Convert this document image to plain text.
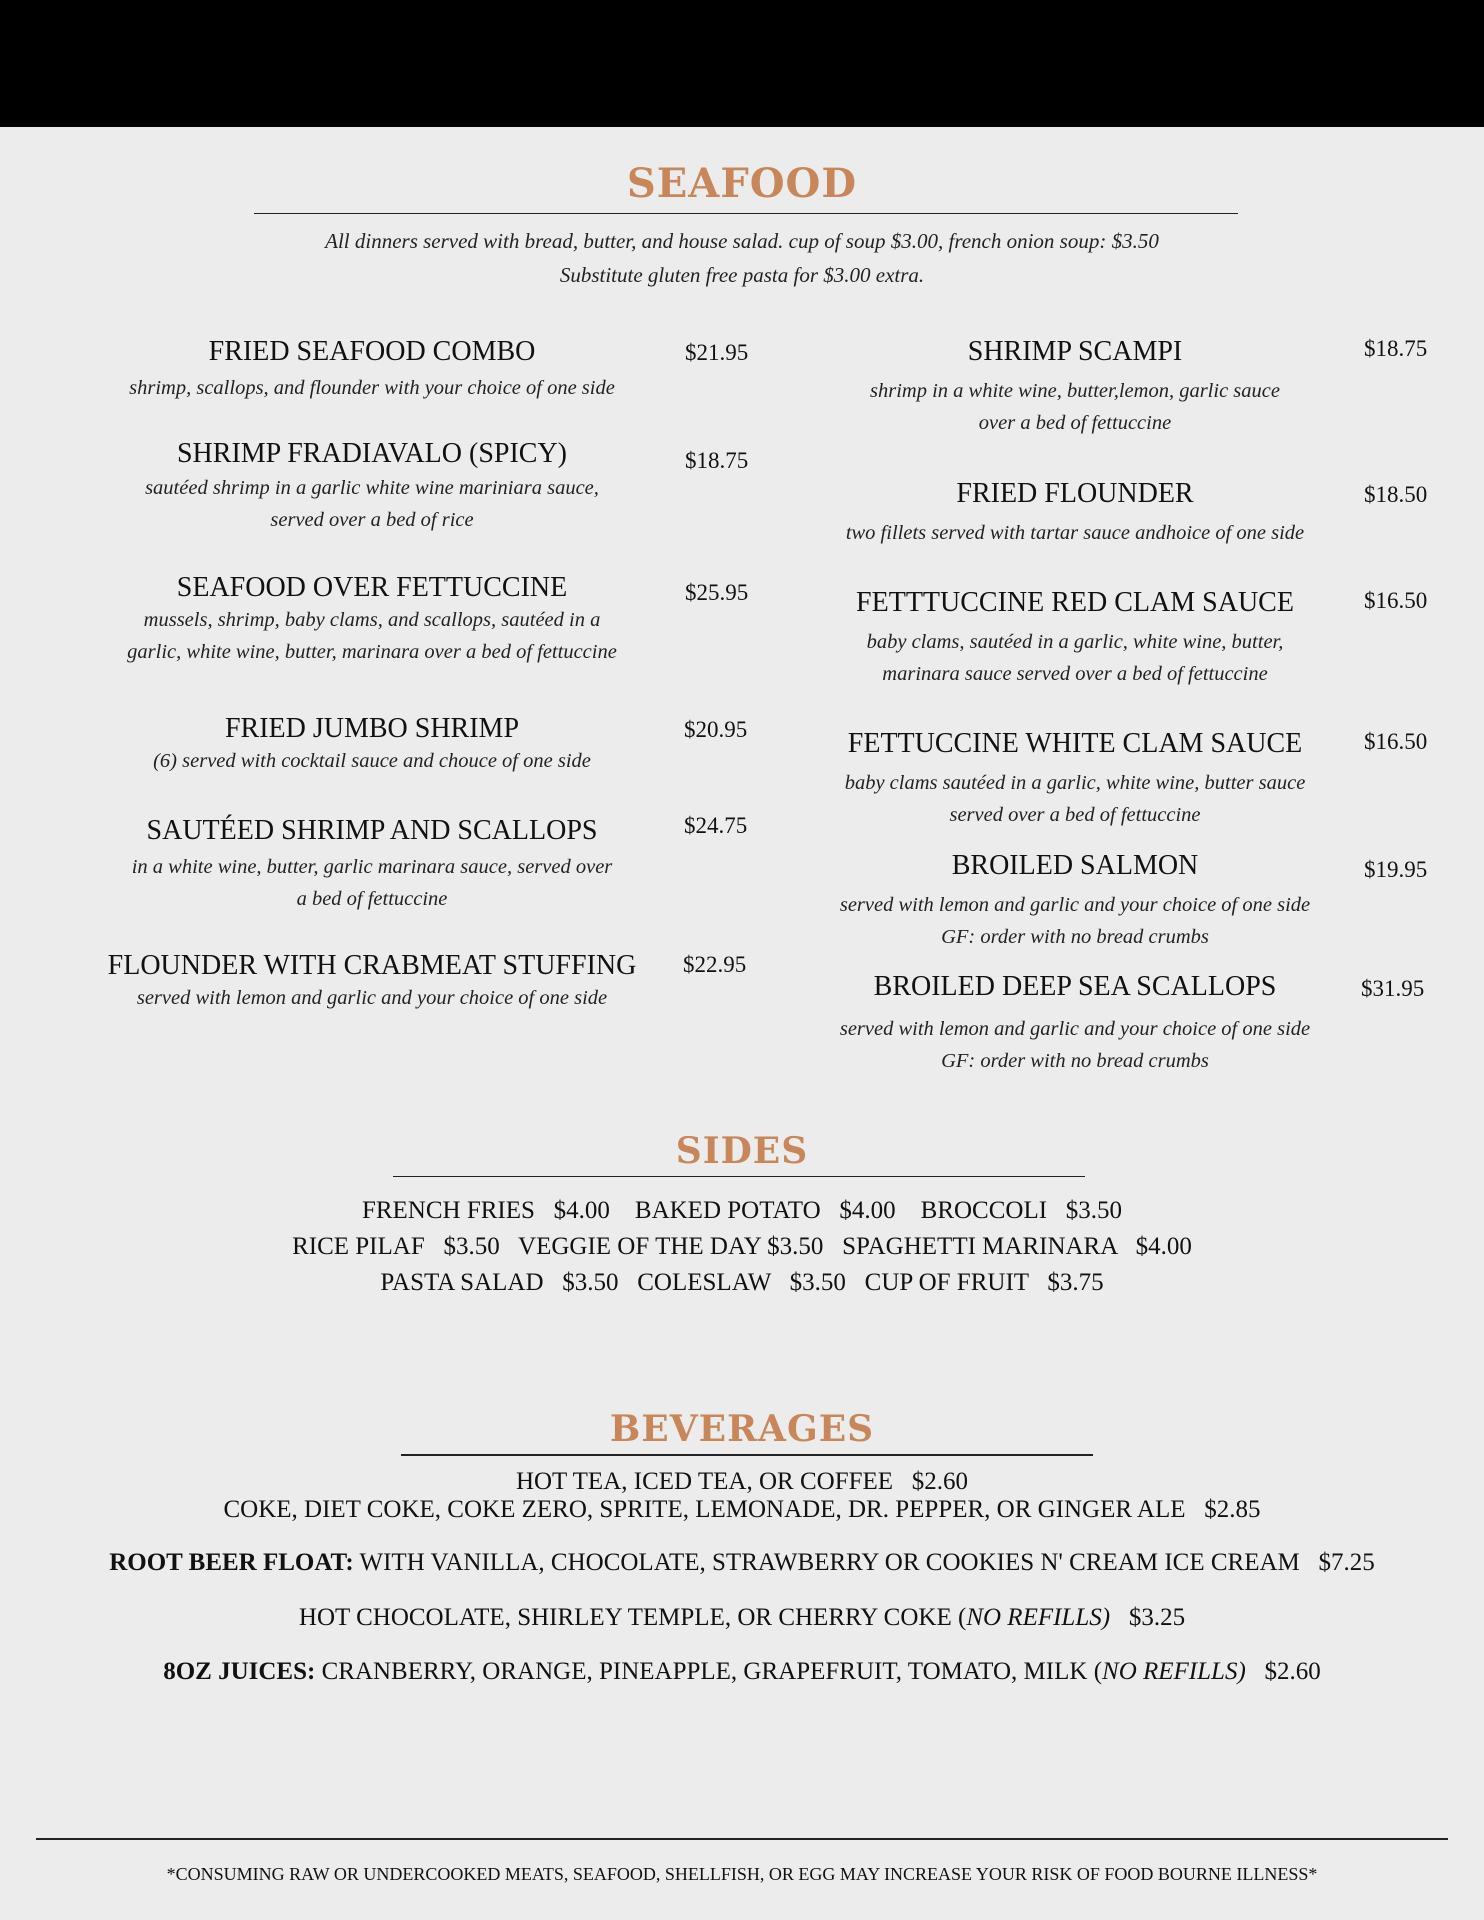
SEAFOOD
All dinners served with bread, butter, and house salad. cup of soup $3.00, french onion soup: $3.50
Substitute gluten free pasta for $3.00 extra.
FRIED SEAFOOD COMBO	$21.95
shrimp, scallops, and flounder with your choice of one side
SHRIMP FRADIAVALO (SPICY)	$18.75
sautéed shrimp in a garlic white wine mariniara sauce,
served over a bed of rice
SEAFOOD OVER FETTUCCINE	$25.95
mussels, shrimp, baby clams, and scallops, sautéed in a
garlic, white wine, butter, marinara over a bed of fettuccine
FRIED JUMBO SHRIMP	$20.95
(6) served with cocktail sauce and chouce of one side
SAUTÉED SHRIMP AND SCALLOPS	$24.75
in a white wine, butter, garlic marinara sauce, served over
a bed of fettuccine
FLOUNDER WITH CRABMEAT STUFFING	$22.95
served with lemon and garlic and your choice of one side
SHRIMP SCAMPI	$18.75
shrimp in a white wine, butter,lemon, garlic sauce
over a bed of fettuccine
FRIED FLOUNDER	$18.50
two fillets served with tartar sauce andhoice of one side
FETTTUCCINE RED CLAM SAUCE	$16.50
baby clams, sautéed in a garlic, white wine, butter,
marinara sauce served over a bed of fettuccine
FETTUCCINE WHITE CLAM SAUCE	$16.50
baby clams sautéed in a garlic, white wine, butter sauce
served over a bed of fettuccine
BROILED SALMON	$19.95
served with lemon and garlic and your choice of one side
GF: order with no bread crumbs
BROILED DEEP SEA SCALLOPS	$31.95
served with lemon and garlic and your choice of one side
GF: order with no bread crumbs
SIDES
FRENCH FRIES   $4.00    BAKED POTATO   $4.00    BROCCOLI   $3.50
RICE PILAF   $3.50   VEGGIE OF THE DAY $3.50   SPAGHETTI MARINARA   $4.00
PASTA SALAD   $3.50   COLESLAW   $3.50   CUP OF FRUIT   $3.75
BEVERAGES
HOT TEA, ICED TEA, OR COFFEE   $2.60
COKE, DIET COKE, COKE ZERO, SPRITE, LEMONADE, DR. PEPPER, OR GINGER ALE   $2.85
ROOT BEER FLOAT: WITH VANILLA, CHOCOLATE, STRAWBERRY OR COOKIES N' CREAM ICE CREAM   $7.25
HOT CHOCOLATE, SHIRLEY TEMPLE, OR CHERRY COKE (NO REFILLS)   $3.25
8OZ JUICES: CRANBERRY, ORANGE, PINEAPPLE, GRAPEFRUIT, TOMATO, MILK (NO REFILLS)   $2.60
*CONSUMING RAW OR UNDERCOOKED MEATS, SEAFOOD, SHELLFISH, OR EGG MAY INCREASE YOUR RISK OF FOOD BOURNE ILLNESS*
